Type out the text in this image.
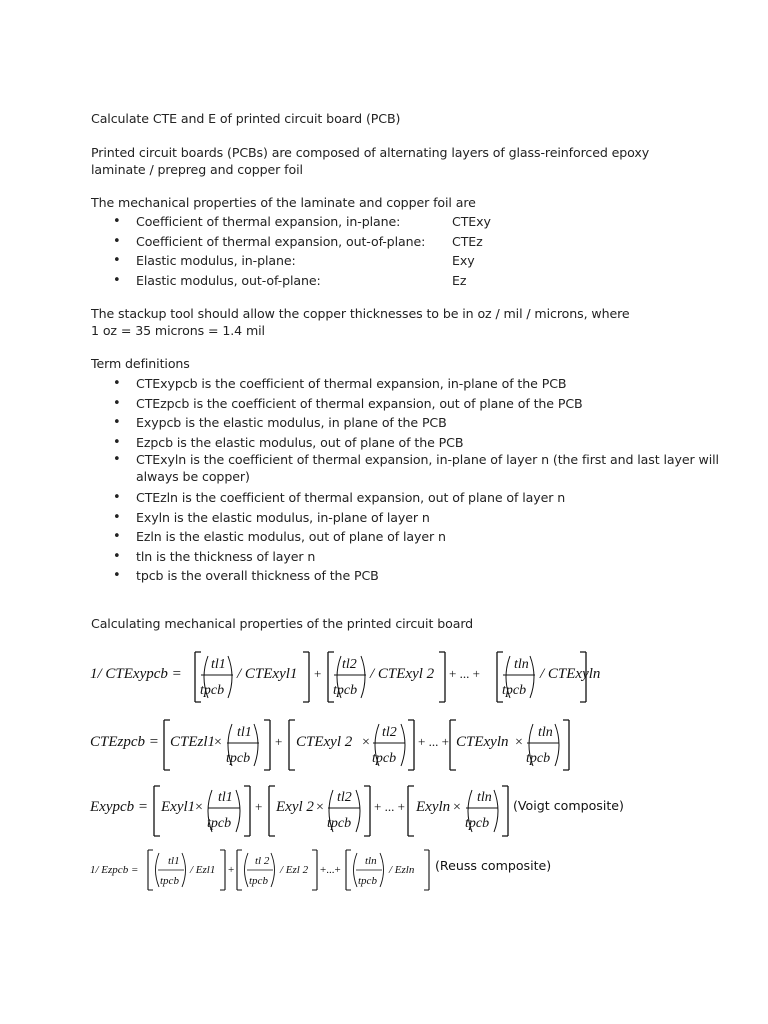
Calculate CTE and E of printed circuit board (PCB)
Printed circuit boards (PCBs) are composed of alternating layers of glass-reinforced epoxy
laminate / prepreg and copper foil
The mechanical properties of the laminate and copper foil are
• Coefficient of thermal expansion, in-plane:	CTExy
• Coefficient of thermal expansion, out-of-plane: CTEz
• Elastic modulus, in-plane:	Exy
• Elastic modulus, out-of-plane:	Ez
The stackup tool should allow the copper thicknesses to be in oz / mil / microns, where
1 oz = 35 microns = 1.4 mil
Term definitions
• CTExypcb is the coefficient of thermal expansion, in-plane of the PCB
• CTEzpcb is the coefficient of thermal expansion, out of plane of the PCB
• Exypcb is the elastic modulus, in plane of the PCB
• Ezpcb is the elastic modulus, out of plane of the PCB
• CTExyln is the coefficient of thermal expansion, in-plane of layer n (the first and last layer will always be copper)
• CTEzln is the coefficient of thermal expansion, out of plane of layer n
• Exyln is the elastic modulus, in-plane of layer n
• Ezln is the elastic modulus, out of plane of layer n
• tln is the thickness of layer n
• tpcb is the overall thickness of the PCB
Calculating mechanical properties of the printed circuit board
1/ CTExypcb =
tl1
tpcb
/ CTExyl1 +
tl2
tpcb
/ CTExyl 2 + ... +
tln
tpcb
/ CTExyln
CTEzpcb = CTEzl1
×
tl1
tpcb
+ CTExyl 2 ×
tl2
tpcb
+ ... + CTExyln ×
tln
tpcb
Exypcb = Exyl1 ×
tl1
tpcb
+ Exyl 2 ×
tl2
tpcb
+ ... + Exyln ×
tln
tpcb
(Voigt composite)
1/ Ezpcb =
tl1
tpcb
/ Ezl1 +
tl 2
tpcb
/ Ezl 2 +...+
tln
tpcb
/ Ezln (Reuss composite)
